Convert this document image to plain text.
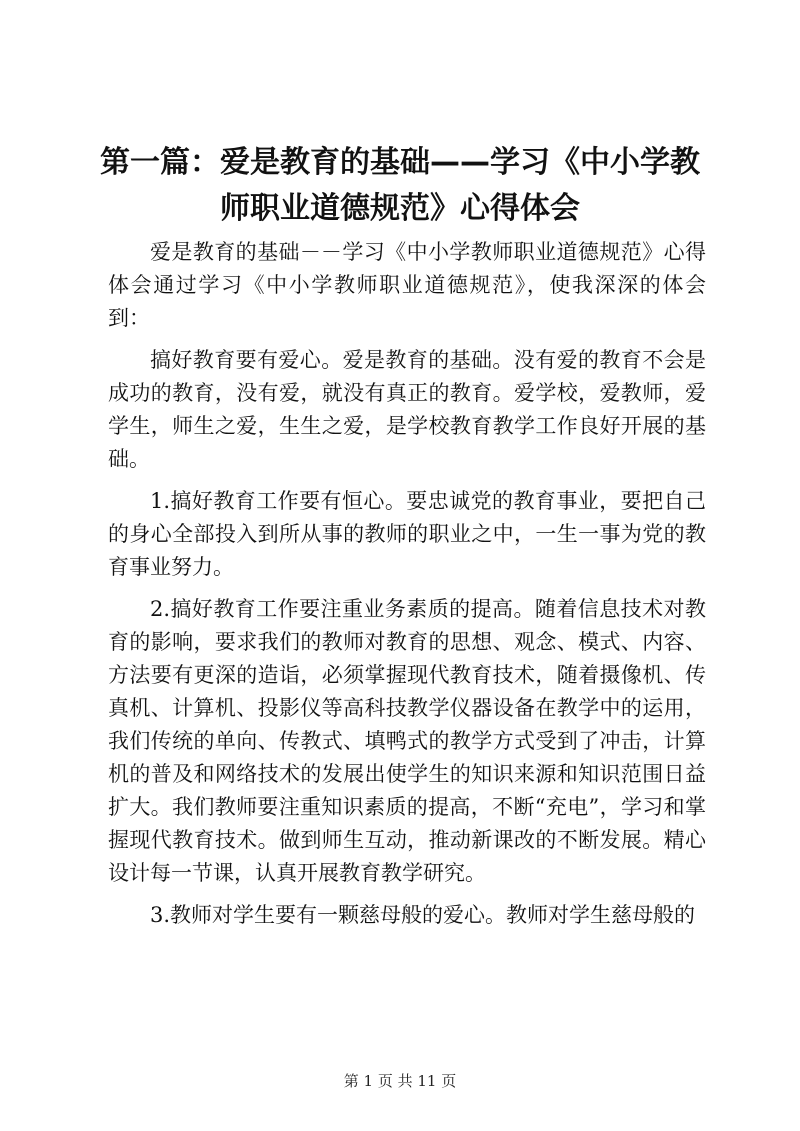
第一篇：爱是教育的基础——学习《中小学教师职业道德规范》心得体会

爱是教育的基础－－学习《中小学教师职业道德规范》心得体会通过学习《中小学教师职业道德规范》，使我深深的体会到：

搞好教育要有爱心。爱是教育的基础。没有爱的教育不会是成功的教育，没有爱，就没有真正的教育。爱学校，爱教师，爱学生，师生之爱，生生之爱，是学校教育教学工作良好开展的基础。

1.搞好教育工作要有恒心。要忠诚党的教育事业，要把自己的身心全部投入到所从事的教师的职业之中，一生一事为党的教育事业努力。

2.搞好教育工作要注重业务素质的提高。随着信息技术对教育的影响，要求我们的教师对教育的思想、观念、模式、内容、方法要有更深的造诣，必须掌握现代教育技术，随着摄像机、传真机、计算机、投影仪等高科技教学仪器设备在教学中的运用，我们传统的单向、传教式、填鸭式的教学方式受到了冲击，计算机的普及和网络技术的发展出使学生的知识来源和知识范围日益扩大。我们教师要注重知识素质的提高，不断“充电”，学习和掌握现代教育技术。做到师生互动，推动新课改的不断发展。精心设计每一节课，认真开展教育教学研究。

3.教师对学生要有一颗慈母般的爱心。教师对学生慈母般的

第 1 页 共 11 页
